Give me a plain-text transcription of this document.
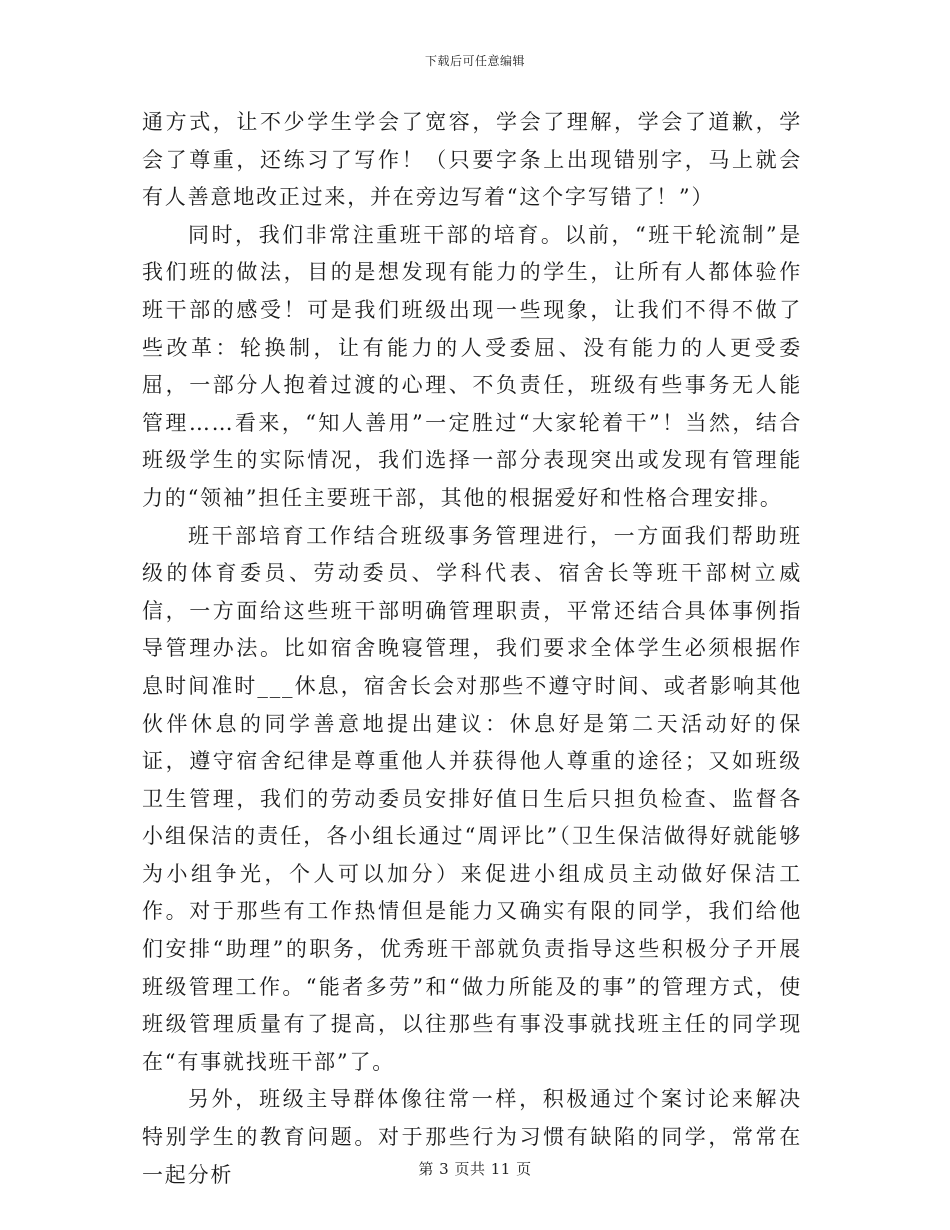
下载后可任意编辑

通方式，让不少学生学会了宽容，学会了理解，学会了道歉，学会了尊重，还练习了写作！（只要字条上出现错别字，马上就会有人善意地改正过来，并在旁边写着“这个字写错了！”）

同时，我们非常注重班干部的培育。以前，“班干轮流制”是我们班的做法，目的是想发现有能力的学生，让所有人都体验作班干部的感受！可是我们班级出现一些现象，让我们不得不做了些改革：轮换制，让有能力的人受委屈、没有能力的人更受委屈，一部分人抱着过渡的心理、不负责任，班级有些事务无人能管理……看来，“知人善用”一定胜过“大家轮着干”！当然，结合班级学生的实际情况，我们选择一部分表现突出或发现有管理能力的“领袖”担任主要班干部，其他的根据爱好和性格合理安排。

班干部培育工作结合班级事务管理进行，一方面我们帮助班级的体育委员、劳动委员、学科代表、宿舍长等班干部树立威信，一方面给这些班干部明确管理职责，平常还结合具体事例指导管理办法。比如宿舍晚寝管理，我们要求全体学生必须根据作息时间准时___休息，宿舍长会对那些不遵守时间、或者影响其他伙伴休息的同学善意地提出建议：休息好是第二天活动好的保证，遵守宿舍纪律是尊重他人并获得他人尊重的途径；又如班级卫生管理，我们的劳动委员安排好值日生后只担负检查、监督各小组保洁的责任，各小组长通过“周评比”（卫生保洁做得好就能够为小组争光，个人可以加分）来促进小组成员主动做好保洁工作。对于那些有工作热情但是能力又确实有限的同学，我们给他们安排“助理”的职务，优秀班干部就负责指导这些积极分子开展班级管理工作。“能者多劳”和“做力所能及的事”的管理方式，使班级管理质量有了提高，以往那些有事没事就找班主任的同学现在“有事就找班干部”了。

另外，班级主导群体像往常一样，积极通过个案讨论来解决特别学生的教育问题。对于那些行为习惯有缺陷的同学，常常在一起分析	第 3 页共 11 页
